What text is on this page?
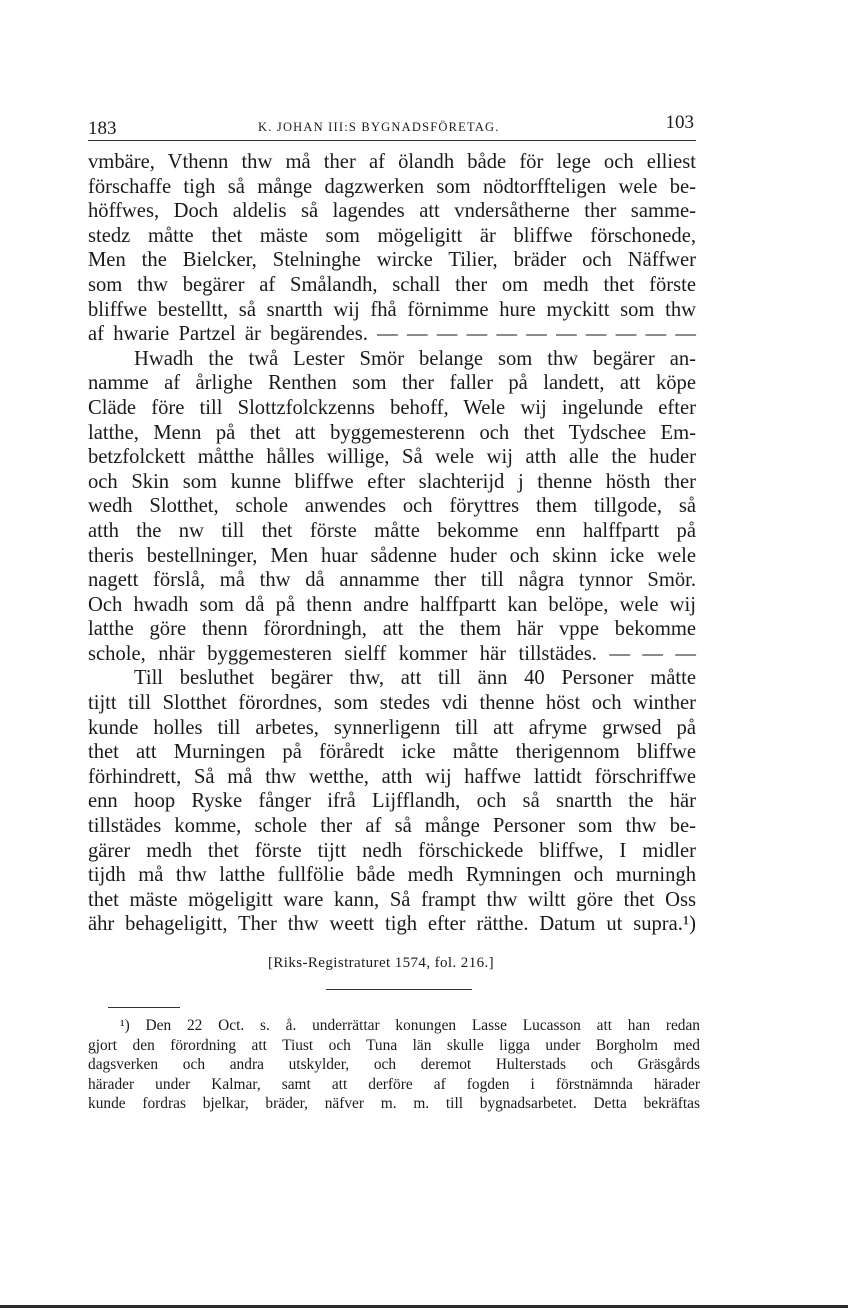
183	K. JOHAN III:S BYGNADSFÖRETAG.	103
vmbäre, Vthenn thw må ther af ölandh både för lege och elliest
förschaffe tigh så månge dagzwerken som nödtorffteligen wele be-
höffwes, Doch aldelis så lagendes att vndersåtherne ther samme-
stedz måtte thet mäste som mögeligitt är bliffwe förschonede,
Men the Bielcker, Stelninghe wircke Tilier, bräder och Näffwer
som thw begärer af Smålandh, schall ther om medh thet förste
bliffwe bestelltt, så snartth wij fhå förnimme hure myckitt som thw
af hwarie Partzel är begärendes. — — — — — — — — — — —
Hwadh the twå Lester Smör belange som thw begärer an-
namme af årlighe Renthen som ther faller på landett, att köpe
Cläde före till Slottzfolckzenns behoff, Wele wij ingelunde efter
latthe, Menn på thet att byggemesterenn och thet Tydschee Em-
betzfolckett måtthe hålles willige, Så wele wij atth alle the huder
och Skin som kunne bliffwe efter slachterijd j thenne hösth ther
wedh Slotthet, schole anwendes och föryttres them tillgode, så
atth the nw till thet förste måtte bekomme enn halffpartt på
theris bestellninger, Men huar sådenne huder och skinn icke wele
nagett förslå, må thw då annamme ther till några tynnor Smör.
Och hwadh som då på thenn andre halffpartt kan belöpe, wele wij
latthe göre thenn förordningh, att the them här vppe bekomme
schole, nhär byggemesteren sielff kommer här tillstädes. — — —
Till besluthet begärer thw, att till änn 40 Personer måtte
tijtt till Slotthet förordnes, som stedes vdi thenne höst och winther
kunde holles till arbetes, synnerligenn till att afryme grwsed på
thet att Murningen på föråredt icke måtte therigennom bliffwe
förhindrett, Så må thw wetthe, atth wij haffwe lattidt förschriffwe
enn hoop Ryske fånger ifrå Lijfflandh, och så snartth the här
tillstädes komme, schole ther af så månge Personer som thw be-
gärer medh thet förste tijtt nedh förschickede bliffwe, I midler
tijdh må thw latthe fullfölie både medh Rymningen och murningh
thet mäste mögeligitt ware kann, Så frampt thw wiltt göre thet Oss
ähr behageligitt, Ther thw weett tigh efter rätthe. Datum ut supra.¹)
[Riks-Registraturet 1574, fol. 216.]
¹) Den 22 Oct. s. å. underrättar konungen Lasse Lucasson att han redan
gjort den förordning att Tiust och Tuna län skulle ligga under Borgholm med
dagsverken och andra utskylder, och deremot Hulterstads och Gräsgårds
härader under Kalmar, samt att derföre af fogden i förstnämnda härader
kunde fordras bjelkar, bräder, näfver m. m. till bygnadsarbetet. Detta bekräftas
